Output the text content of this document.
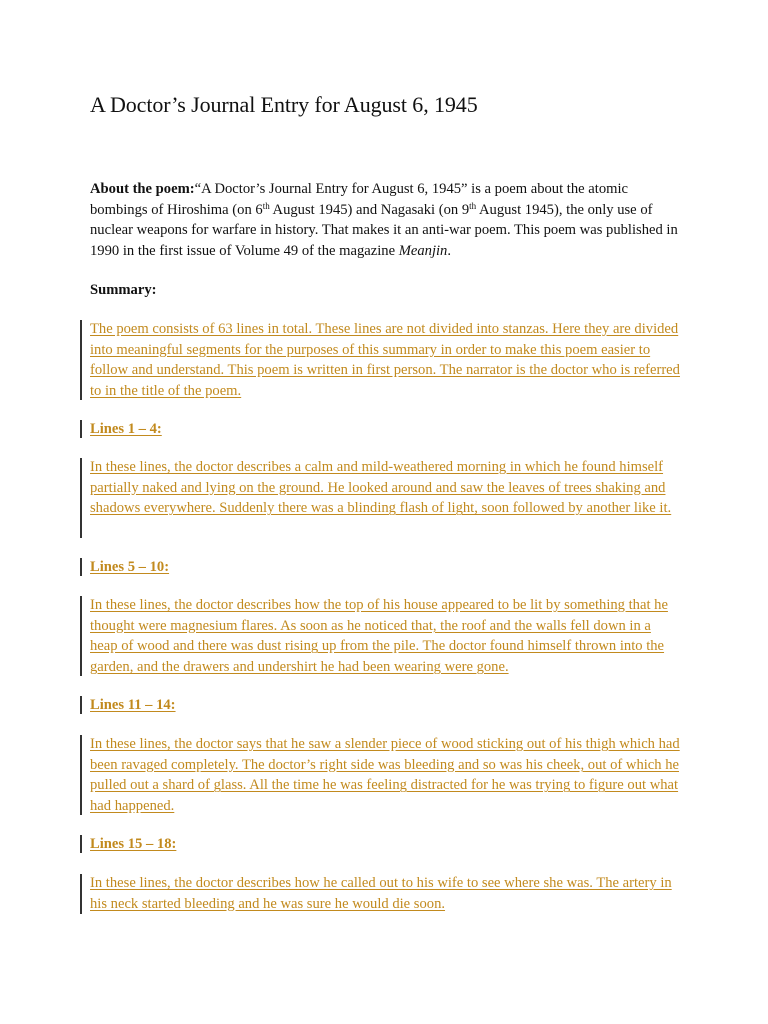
A Doctor’s Journal Entry for August 6, 1945

About the poem:“A Doctor’s Journal Entry for August 6, 1945” is a poem about the atomic bombings of Hiroshima (on 6th August 1945) and Nagasaki (on 9th August 1945), the only use of nuclear weapons for warfare in history. That makes it an anti-war poem. This poem was published in 1990 in the first issue of Volume 49 of the magazine Meanjin.

Summary:

The poem consists of 63 lines in total. These lines are not divided into stanzas. Here they are divided into meaningful segments for the purposes of this summary in order to make this poem easier to follow and understand. This poem is written in first person. The narrator is the doctor who is referred to in the title of the poem.

Lines 1 – 4:

In these lines, the doctor describes a calm and mild-weathered morning in which he found himself partially naked and lying on the ground. He looked around and saw the leaves of trees shaking and shadows everywhere. Suddenly there was a blinding flash of light, soon followed by another like it.

Lines 5 – 10:

In these lines, the doctor describes how the top of his house appeared to be lit by something that he thought were magnesium flares. As soon as he noticed that, the roof and the walls fell down in a heap of wood and there was dust rising up from the pile. The doctor found himself thrown into the garden, and the drawers and undershirt he had been wearing were gone.

Lines 11 – 14:

In these lines, the doctor says that he saw a slender piece of wood sticking out of his thigh which had been ravaged completely. The doctor’s right side was bleeding and so was his cheek, out of which he pulled out a shard of glass. All the time he was feeling distracted for he was trying to figure out what had happened.

Lines 15 – 18:

In these lines, the doctor describes how he called out to his wife to see where she was. The artery in his neck started bleeding and he was sure he would die soon.
